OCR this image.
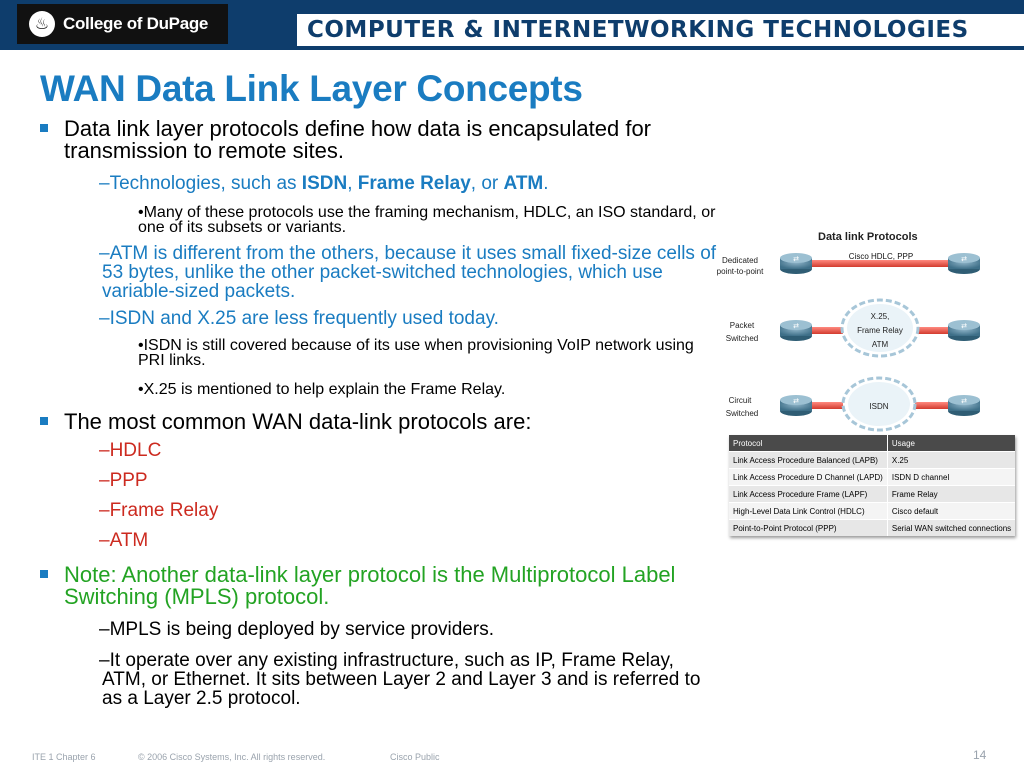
♨ College of DuPage	COMPUTER & INTERNETWORKING TECHNOLOGIES
WAN Data Link Layer Concepts
Data link layer protocols define how data is encapsulated for transmission to remote sites.
–Technologies, such as ISDN, Frame Relay, or ATM.
•Many of these protocols use the framing mechanism, HDLC, an ISO standard, or one of its subsets or variants.
–ATM is different from the others, because it uses small fixed-size cells of 53 bytes, unlike the other packet-switched technologies, which use variable-sized packets.
–ISDN and X.25 are less frequently used today.
•ISDN is still covered because of its use when provisioning VoIP network using PRI links.
•X.25 is mentioned to help explain the Frame Relay.
The most common WAN data-link protocols are:
–HDLC
–PPP
–Frame Relay
–ATM
Note: Another data-link layer protocol is the Multiprotocol Label Switching (MPLS) protocol.
–MPLS is being deployed by service providers.
–It operate over any existing infrastructure, such as IP, Frame Relay, ATM, or Ethernet. It sits between Layer 2 and Layer 3 and is referred to as a Layer 2.5 protocol.
Data link Protocols
Dedicated
point-to-point
Cisco HDLC, PPP
⇄	⇄
Packet
Switched
X.25,
Frame Relay
ATM
⇄	⇄
Circuit
Switched
ISDN
⇄	⇄
Protocol	Usage
Link Access Procedure Balanced (LAPB)	X.25
Link Access Procedure D Channel (LAPD)	ISDN D channel
Link Access Procedure Frame (LAPF)	Frame Relay
High-Level Data Link Control (HDLC)	Cisco default
Point-to-Point Protocol (PPP)	Serial WAN switched connections
ITE 1 Chapter 6	© 2006 Cisco Systems, Inc. All rights reserved.	Cisco Public	14
